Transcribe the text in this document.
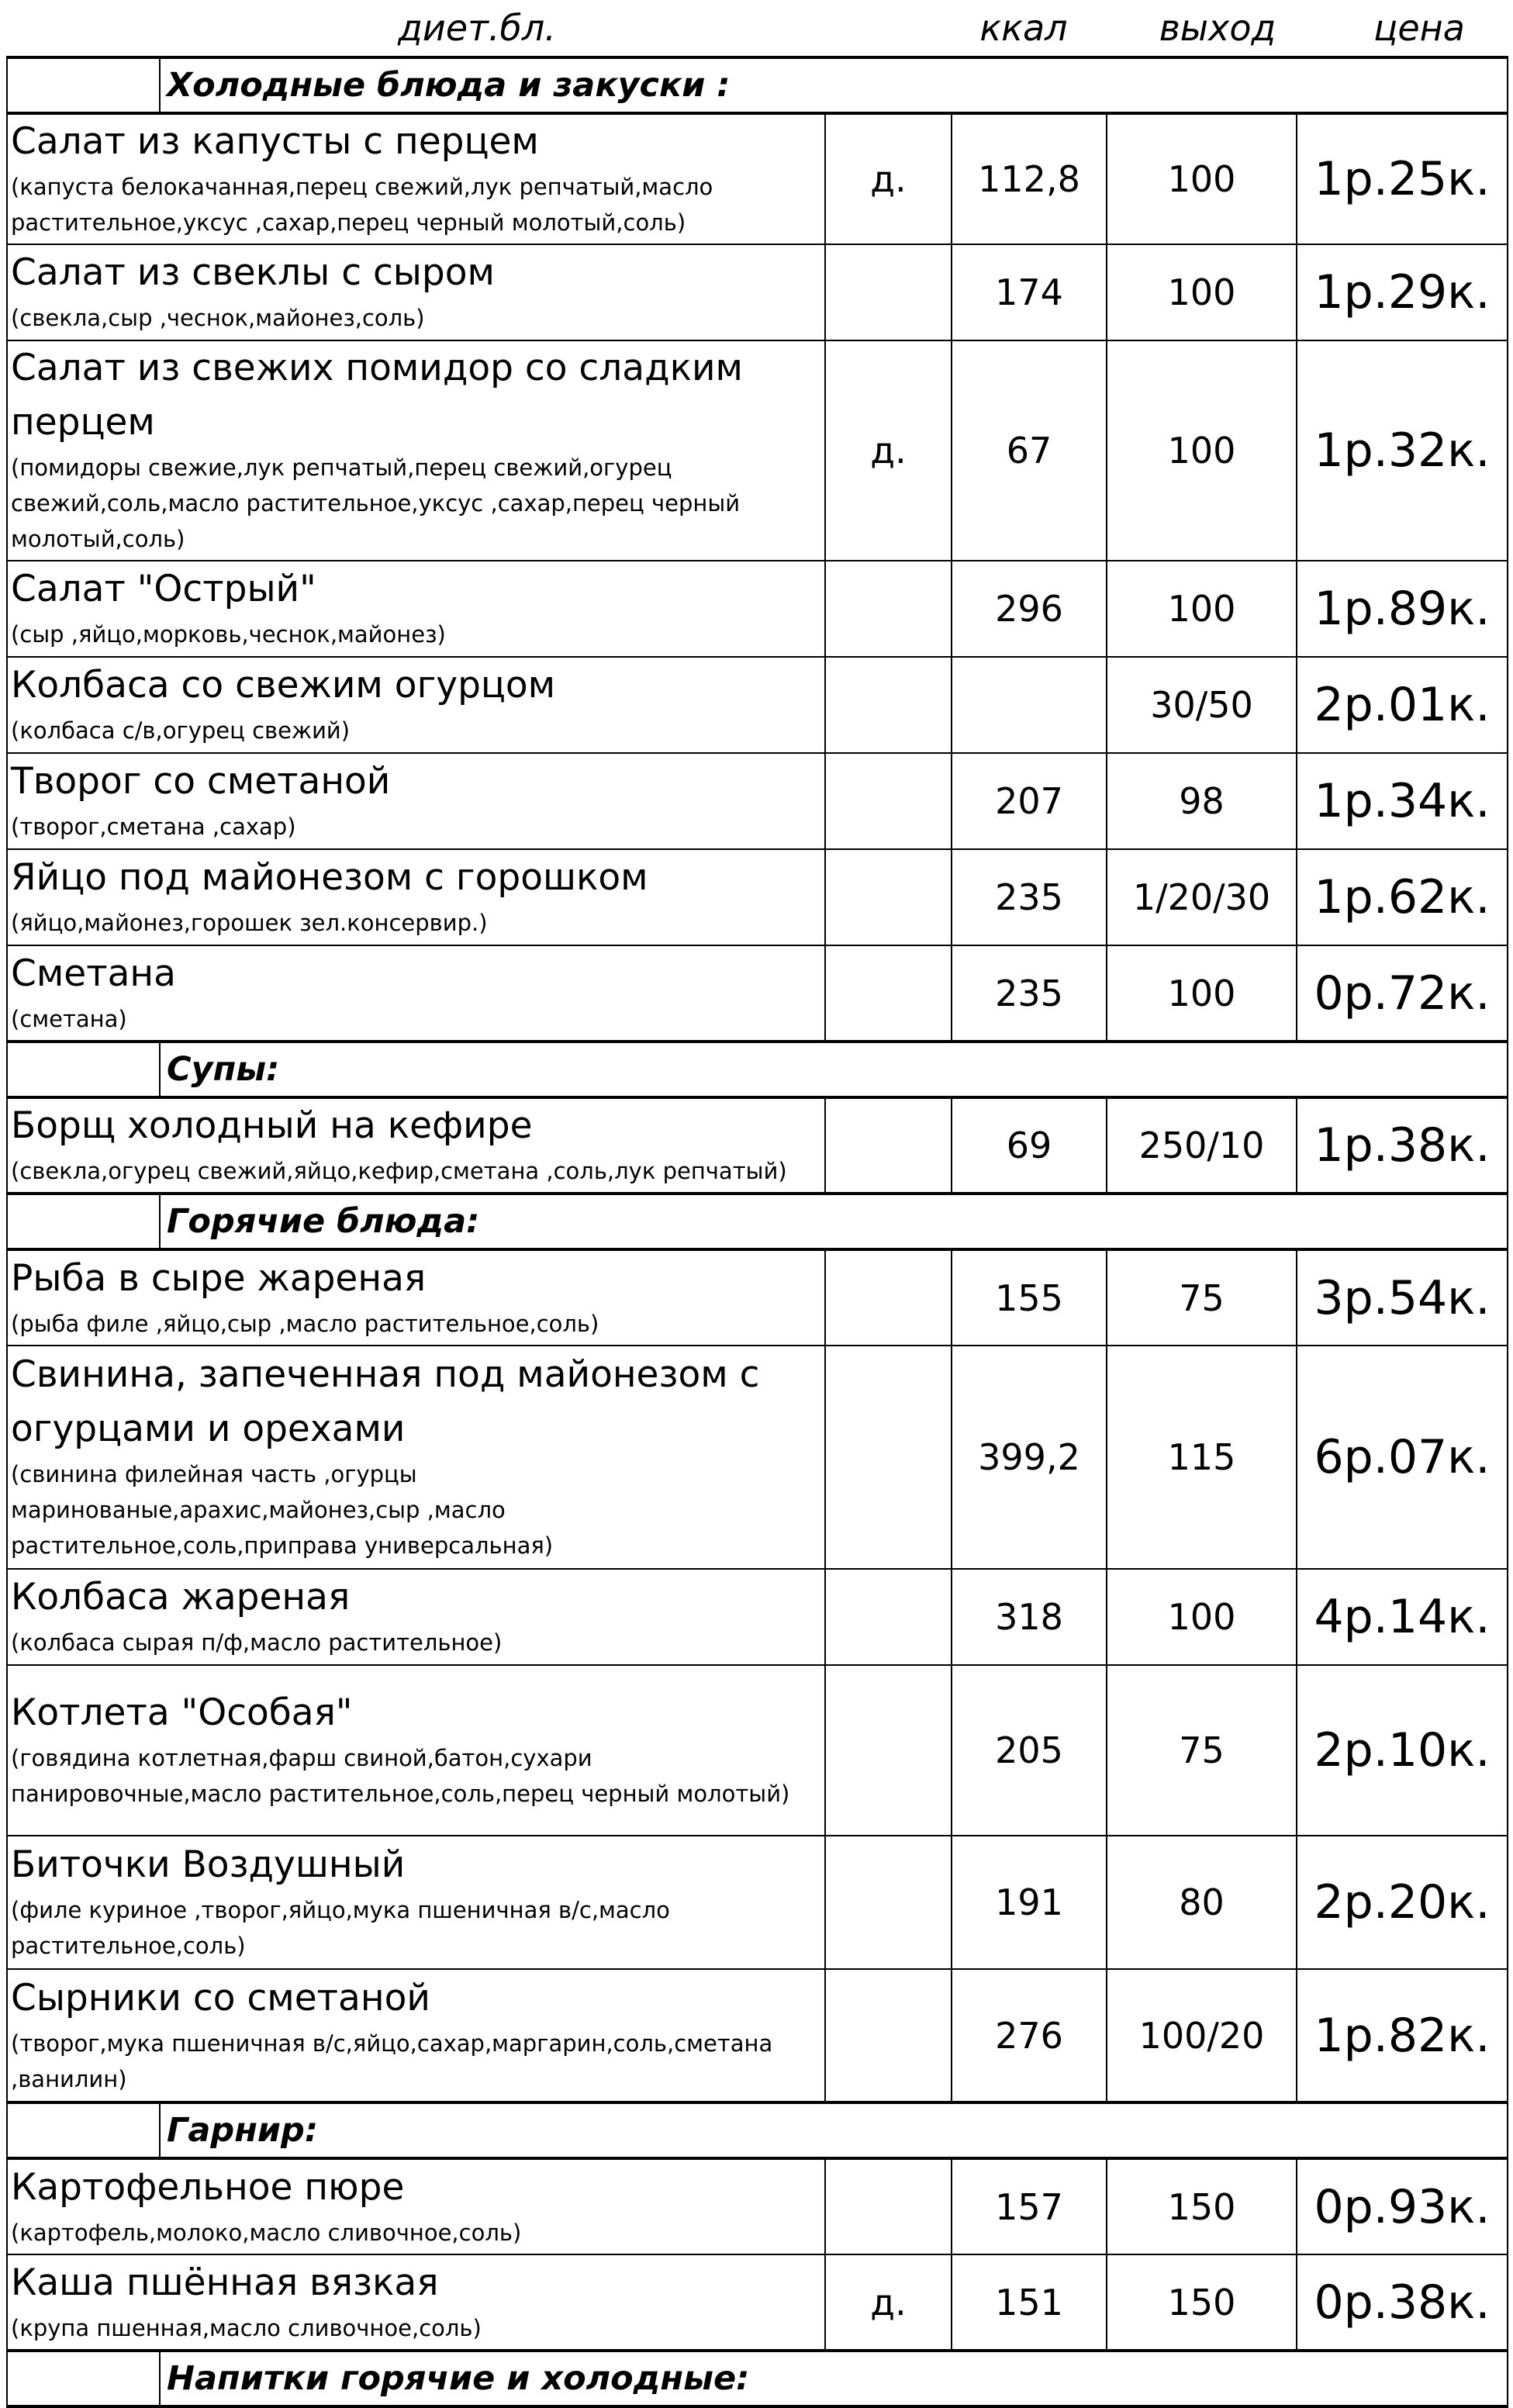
диет.бл.	ккал	выход	цена
Холодные блюда и закуски :				

Салат из капусты с перцем
(капуста белокачанная,перец свежий,лук репчатый,масло растительное,уксус ,сахар,перец черный молотый,соль)	д.	112,8	100	1р.25к.

Салат из свеклы с сыром
(свекла,сыр ,чеснок,майонез,соль)		174	100	1р.29к.

Салат из свежих помидор со сладким перцем
(помидоры свежие,лук репчатый,перец свежий,огурец свежий,соль,масло растительное,уксус ,сахар,перец черный молотый,соль)	д.	67	100	1р.32к.

Салат "Острый"
(сыр ,яйцо,морковь,чеснок,майонез)		296	100	1р.89к.

Колбаса со свежим огурцом
(колбаса с/в,огурец свежий)			30/50	2р.01к.

Творог со сметаной
(творог,сметана ,сахар)		207	98	1р.34к.

Яйцо под майонезом с горошком
(яйцо,майонез,горошек зел.консервир.)		235	1/20/30	1р.62к.

Сметана
(сметана)		235	100	0р.72к.

Супы:				

Борщ холодный на кефире
(свекла,огурец свежий,яйцо,кефир,сметана ,соль,лук репчатый)		69	250/10	1р.38к.

Горячие блюда:				

Рыба в сыре жареная
(рыба филе ,яйцо,сыр ,масло растительное,соль)		155	75	3р.54к.

Свинина, запеченная под майонезом с огурцами и орехами
(свинина филейная часть ,огурцы маринованые,арахис,майонез,сыр ,масло растительное,соль,приправа универсальная)		399,2	115	6р.07к.

Колбаса жареная
(колбаса сырая п/ф,масло растительное)		318	100	4р.14к.

Котлета "Особая"
(говядина котлетная,фарш свиной,батон,сухари панировочные,масло растительное,соль,перец черный молотый)		205	75	2р.10к.

Биточки Воздушный
(филе куриное ,творог,яйцо,мука пшеничная в/с,масло растительное,соль)		191	80	2р.20к.

Сырники со сметаной
(творог,мука пшеничная в/с,яйцо,сахар,маргарин,соль,сметана ,ванилин)		276	100/20	1р.82к.

Гарнир:				

Картофельное пюре
(картофель,молоко,масло сливочное,соль)		157	150	0р.93к.

Каша пшённая вязкая
(крупа пшенная,масло сливочное,соль)	д.	151	150	0р.38к.

Напитки горячие и холодные:				
